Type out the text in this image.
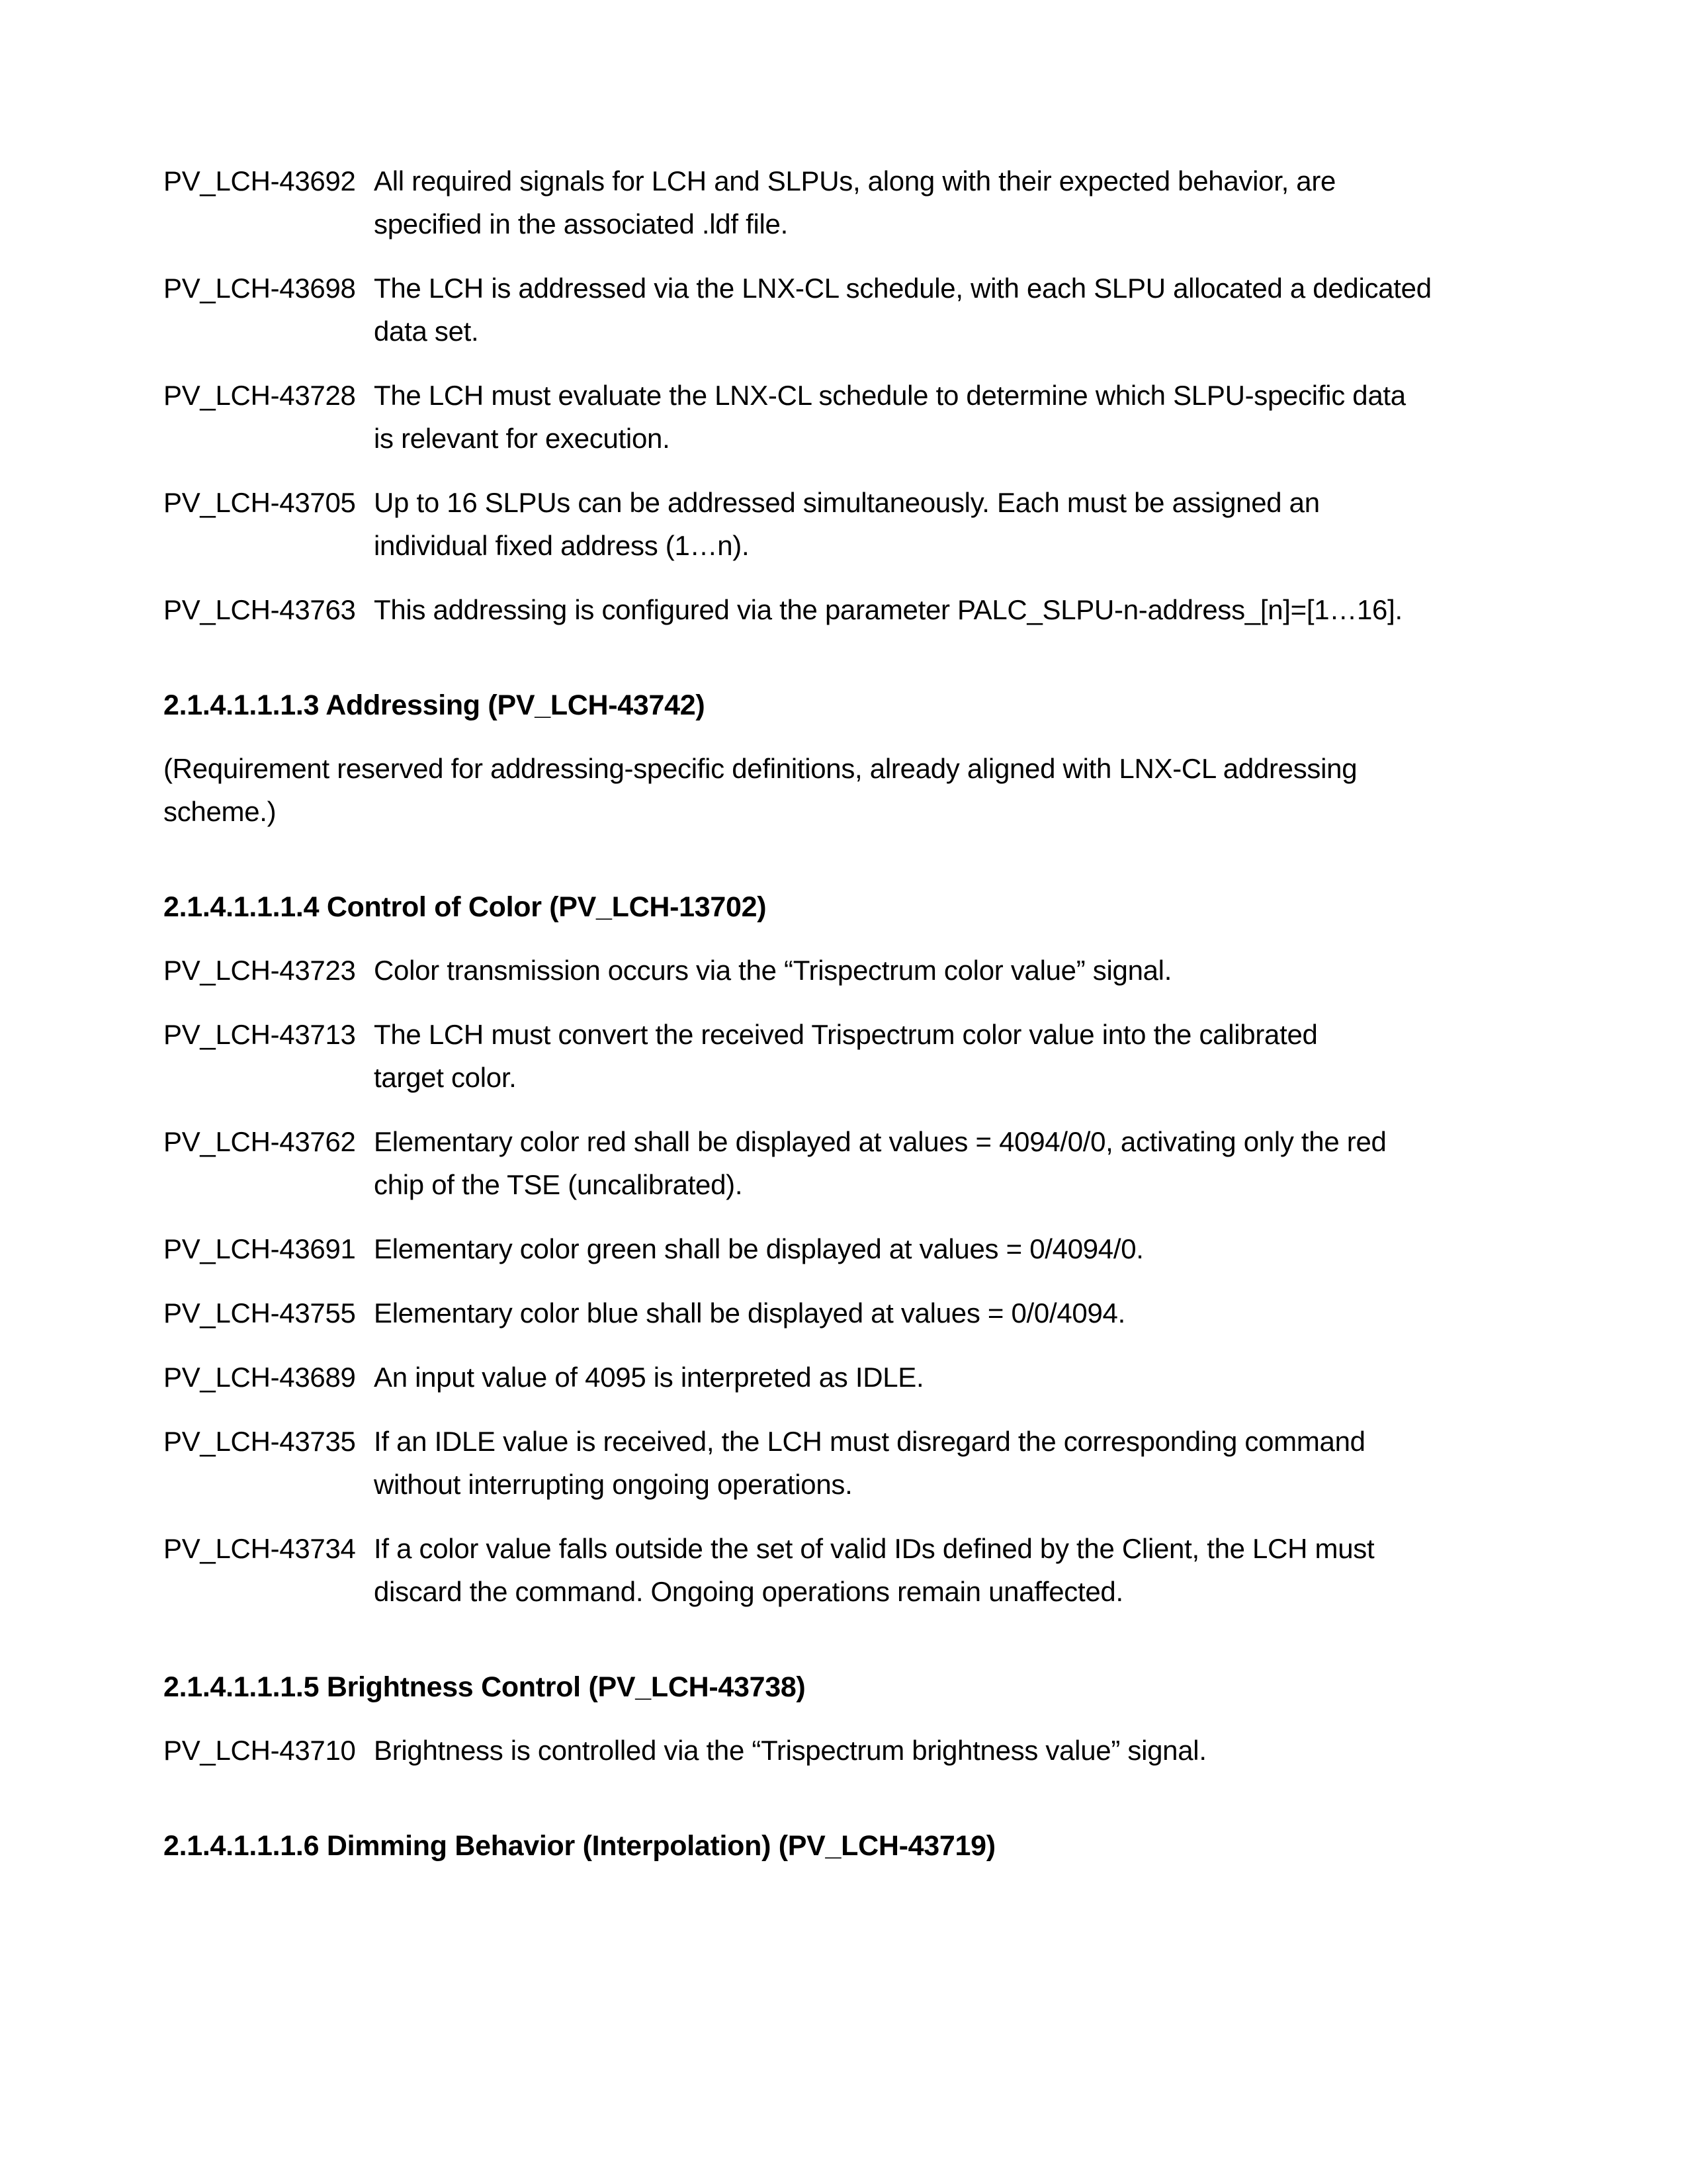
PV_LCH-43692 All required signals for LCH and SLPUs, along with their expected behavior, are
specified in the associated .ldf file.
PV_LCH-43698 The LCH is addressed via the LNX-CL schedule, with each SLPU allocated a dedicated
data set.
PV_LCH-43728 The LCH must evaluate the LNX-CL schedule to determine which SLPU-specific data
is relevant for execution.
PV_LCH-43705 Up to 16 SLPUs can be addressed simultaneously. Each must be assigned an
individual fixed address (1…n).
PV_LCH-43763 This addressing is configured via the parameter PALC_SLPU-n-address_[n]=[1…16].
2.1.4.1.1.1.3 Addressing (PV_LCH-43742)
(Requirement reserved for addressing-specific definitions, already aligned with LNX-CL addressing
scheme.)
2.1.4.1.1.1.4 Control of Color (PV_LCH-13702)
PV_LCH-43723 Color transmission occurs via the “Trispectrum color value” signal.
PV_LCH-43713 The LCH must convert the received Trispectrum color value into the calibrated
target color.
PV_LCH-43762 Elementary color red shall be displayed at values = 4094/0/0, activating only the red
chip of the TSE (uncalibrated).
PV_LCH-43691 Elementary color green shall be displayed at values = 0/4094/0.
PV_LCH-43755 Elementary color blue shall be displayed at values = 0/0/4094.
PV_LCH-43689 An input value of 4095 is interpreted as IDLE.
PV_LCH-43735 If an IDLE value is received, the LCH must disregard the corresponding command
without interrupting ongoing operations.
PV_LCH-43734 If a color value falls outside the set of valid IDs defined by the Client, the LCH must
discard the command. Ongoing operations remain unaffected.
2.1.4.1.1.1.5 Brightness Control (PV_LCH-43738)
PV_LCH-43710 Brightness is controlled via the “Trispectrum brightness value” signal.
2.1.4.1.1.1.6 Dimming Behavior (Interpolation) (PV_LCH-43719)
